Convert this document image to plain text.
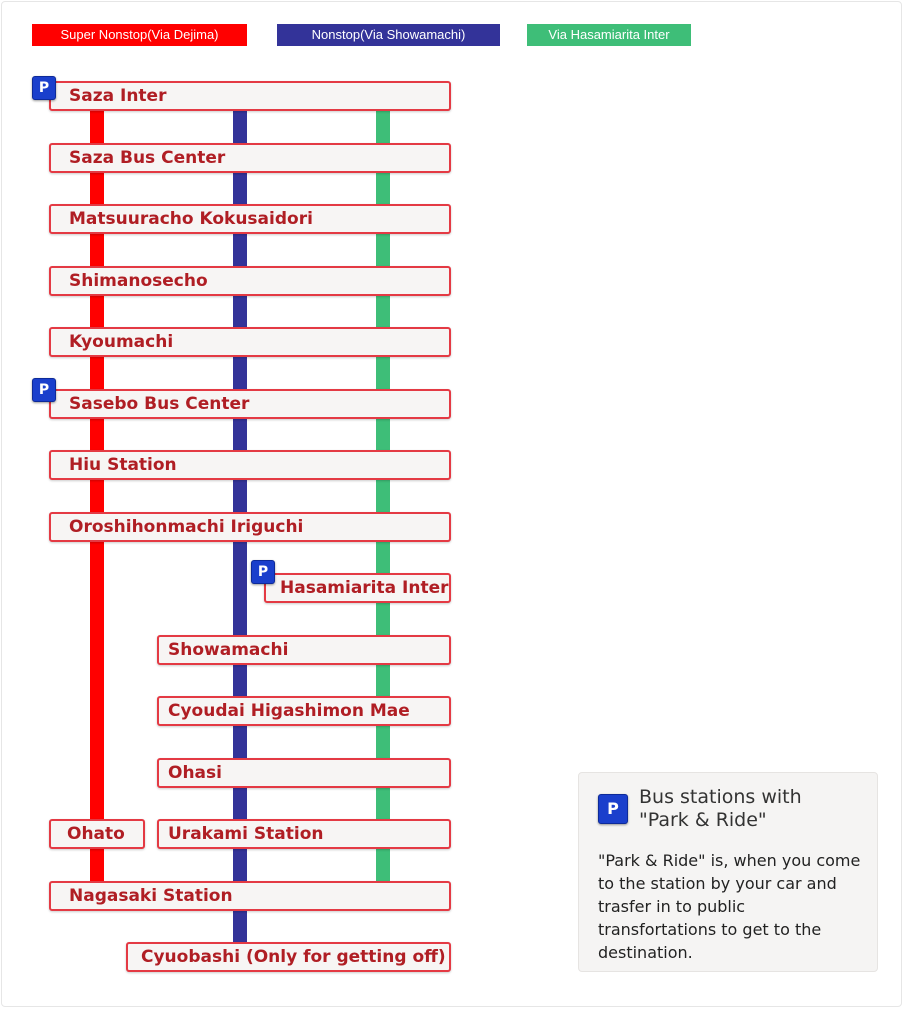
Super Nonstop(Via Dejima)	Nonstop(Via Showamachi)	Via Hasamiarita Inter
Saza Inter
Saza Bus Center
Matsuuracho Kokusaidori
Shimanosecho
Kyoumachi
Sasebo Bus Center
Hiu Station
Oroshihonmachi Iriguchi
Hasamiarita Inter
Showamachi
Cyoudai Higashimon Mae
Ohasi
Ohato	Urakami Station
Nagasaki Station
Cyuobashi (Only for getting off)
P
P
P
P
Bus stations with
"Park & Ride"
"Park & Ride" is, when you come to the station by your car and trasfer in to public transfortations to get to the destination.
